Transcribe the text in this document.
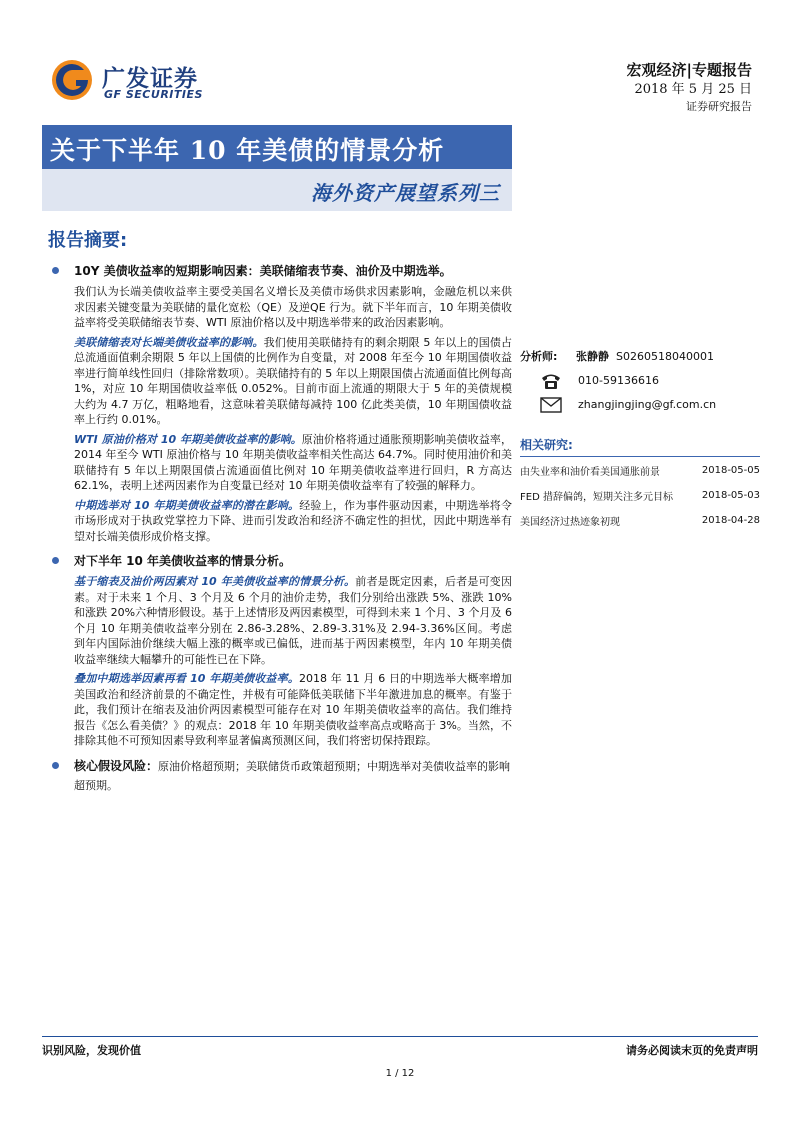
广发证券
GF SECURITIES
宏观经济|专题报告
2018 年 5 月 25 日
证券研究报告
关于下半年 10 年美债的情景分析
海外资产展望系列三
报告摘要:
10Y 美债收益率的短期影响因素：美联储缩表节奏、油价及中期选举。

我们认为长端美债收益率主要受美国名义增长及美债市场供求因素影响，金融危机以来供求因素关键变量为美联储的量化宽松（QE）及逆QE 行为。就下半年而言，10 年期美债收益率将受美联储缩表节奏、WTI 原油价格以及中期选举带来的政治因素影响。

美联储缩表对长端美债收益率的影响。我们使用美联储持有的剩余期限 5 年以上的国债占总流通面值剩余期限 5 年以上国债的比例作为自变量，对 2008 年至今 10 年期国债收益率进行简单线性回归（排除常数项）。美联储持有的 5 年以上期限国债占流通面值比例每高 1%，对应 10 年期国债收益率低 0.052%。目前市面上流通的期限大于 5 年的美债规模大约为 4.7 万亿，粗略地看，这意味着美联储每减持 100 亿此类美债，10 年期国债收益率上行约 0.01%。

WTI 原油价格对 10 年期美债收益率的影响。原油价格将通过通胀预期影响美债收益率，2014 年至今 WTI 原油价格与 10 年期美债收益率相关性高达 64.7%。同时使用油价和美联储持有 5 年以上期限国债占流通面值比例对 10 年期美债收益率进行回归，R 方高达 62.1%，表明上述两因素作为自变量已经对 10 年期美债收益率有了较强的解释力。

中期选举对 10 年期美债收益率的潜在影响。经验上，作为事件驱动因素，中期选举将令市场形成对于执政党掌控力下降、进而引发政治和经济不确定性的担忧，因此中期选举有望对长端美债形成价格支撑。

对下半年 10 年美债收益率的情景分析。

基于缩表及油价两因素对 10 年美债收益率的情景分析。前者是既定因素，后者是可变因素。对于未来 1 个月、3 个月及 6 个月的油价走势，我们分别给出涨跌 5%、涨跌 10%和涨跌 20%六种情形假设。基于上述情形及两因素模型，可得到未来 1 个月、3 个月及 6 个月 10 年期美债收益率分别在 2.86-3.28%、2.89-3.31%及 2.94-3.36%区间。考虑到年内国际油价继续大幅上涨的概率或已偏低，进而基于两因素模型，年内 10 年期美债收益率继续大幅攀升的可能性已在下降。

叠加中期选举因素再看 10 年期美债收益率。2018 年 11 月 6 日的中期选举大概率增加美国政治和经济前景的不确定性，并极有可能降低美联储下半年激进加息的概率。有鉴于此，我们预计在缩表及油价两因素模型可能存在对 10 年期美债收益率的高估。我们维持报告《怎么看美债？》的观点：2018 年 10 年期美债收益率高点或略高于 3%。当然，不排除其他不可预知因素导致利率显著偏离预测区间，我们将密切保持跟踪。

核心假设风险：原油价格超预期；美联储货币政策超预期；中期选举对美债收益率的影响超预期。
分析师: 张静静 S0260518040001
010-59136616
zhangjingjing@gf.com.cn
相关研究:
由失业率和油价看美国通胀前景	2018-05-05
FED 措辞偏鸽，短期关注多元目标	2018-05-03
美国经济过热迹象初现	2018-04-28
识别风险，发现价值	请务必阅读末页的免责声明
1 / 12
